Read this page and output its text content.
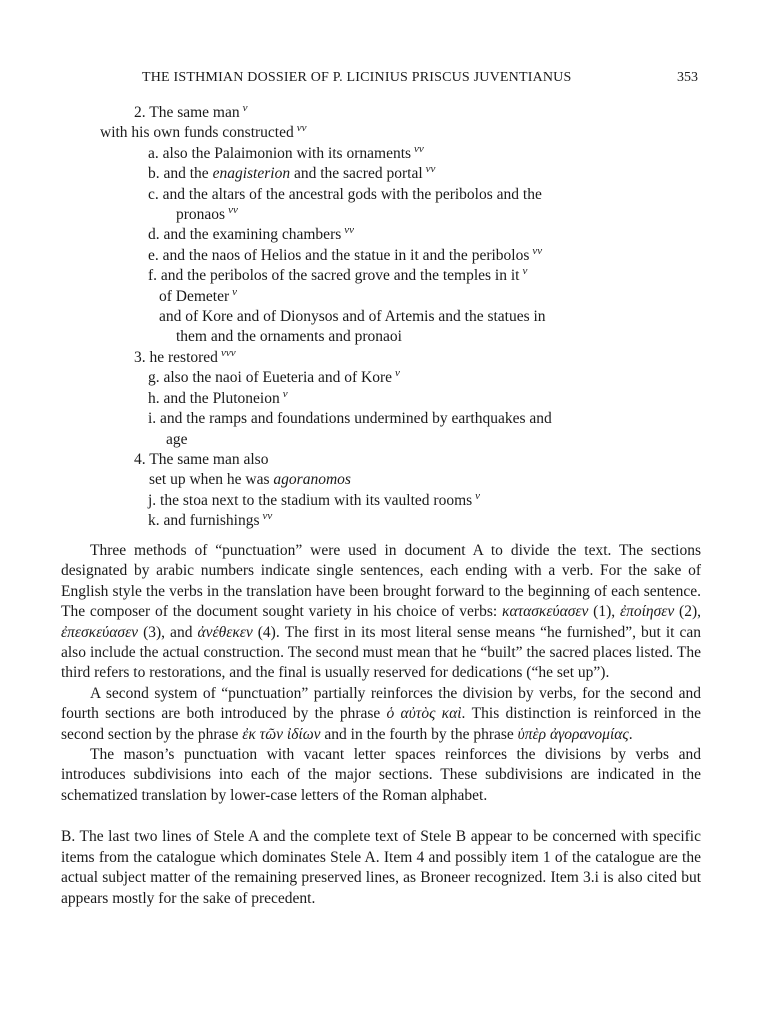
THE ISTHMIAN DOSSIER OF P. LICINIUS PRISCUS JUVENTIANUS	353
2. The same man $^v$
with his own funds constructed $^{vv}$
a. also the Palaimonion with its ornaments $^{vv}$
b. and the enagisterion and the sacred portal $^{vv}$
c. and the altars of the ancestral gods with the peribolos and the
pronaos $^{vv}$
d. and the examining chambers $^{vv}$
e. and the naos of Helios and the statue in it and the peribolos $^{vv}$
f. and the peribolos of the sacred grove and the temples in it $^v$
of Demeter $^v$
and of Kore and of Dionysos and of Artemis and the statues in
them and the ornaments and pronaoi
3. he restored $^{vvv}$
g. also the naoi of Eueteria and of Kore $^v$
h. and the Plutoneion $^v$
i. and the ramps and foundations undermined by earthquakes and
age
4. The same man also
set up when he was agoranomos
j. the stoa next to the stadium with its vaulted rooms $^v$
k. and furnishings $^{vv}$

Three methods of “punctuation” were used in document A to divide the text. The sections designated by arabic numbers indicate single sentences, each ending with a verb. For the sake of English style the verbs in the translation have been brought forward to the beginning of each sentence. The composer of the document sought variety in his choice of verbs: κατασκεύασεν (1), ἐποίησεν (2), ἐπεσκεύασεν (3), and ἀνέθεκεν (4). The first in its most literal sense means “he furnished”, but it can also include the actual construction. The second must mean that he “built” the sacred places listed. The third refers to restorations, and the final is usually reserved for dedications (“he set up”).

A second system of “punctuation” partially reinforces the division by verbs, for the second and fourth sections are both introduced by the phrase ὁ αὐτὸς καὶ. This distinction is reinforced in the second section by the phrase ἐκ τῶν ἰδίων and in the fourth by the phrase ὑπὲρ ἀγορανομίας.

The mason’s punctuation with vacant letter spaces reinforces the divisions by verbs and introduces subdivisions into each of the major sections. These subdivisions are indicated in the schematized translation by lower-case letters of the Roman alphabet.

B. The last two lines of Stele A and the complete text of Stele B appear to be concerned with specific items from the catalogue which dominates Stele A. Item 4 and possibly item 1 of the catalogue are the actual subject matter of the remaining preserved lines, as Broneer recognized. Item 3.i is also cited but appears mostly for the sake of precedent.
